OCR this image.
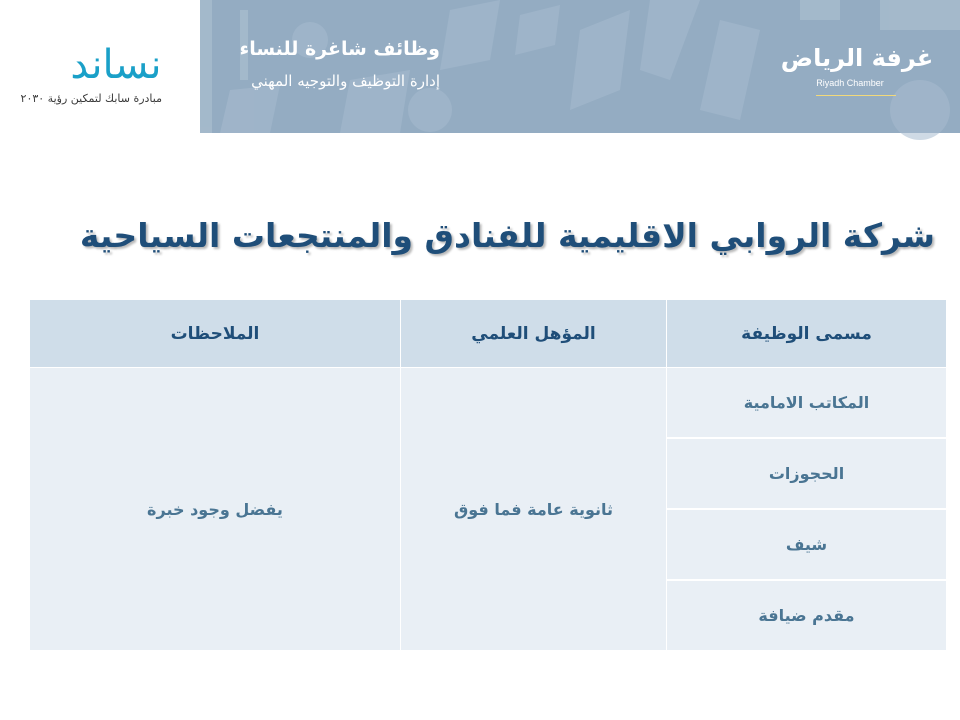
نساند
مبادرة سابك لتمكين رؤية ٢٠٣٠
وظائف شاغرة للنساء
إدارة التوظيف والتوجيه المهني
غرفة الرياض
Riyadh Chamber
شركة الروابي الاقليمية للفنادق والمنتجعات السياحية
مسمى الوظيفة	المؤهل العلمي	الملاحظات
المكاتب الامامية	ثانوية عامة فما فوق	يفضل وجود خبرة
الحجوزات		
شيف		
مقدم ضيافة		
